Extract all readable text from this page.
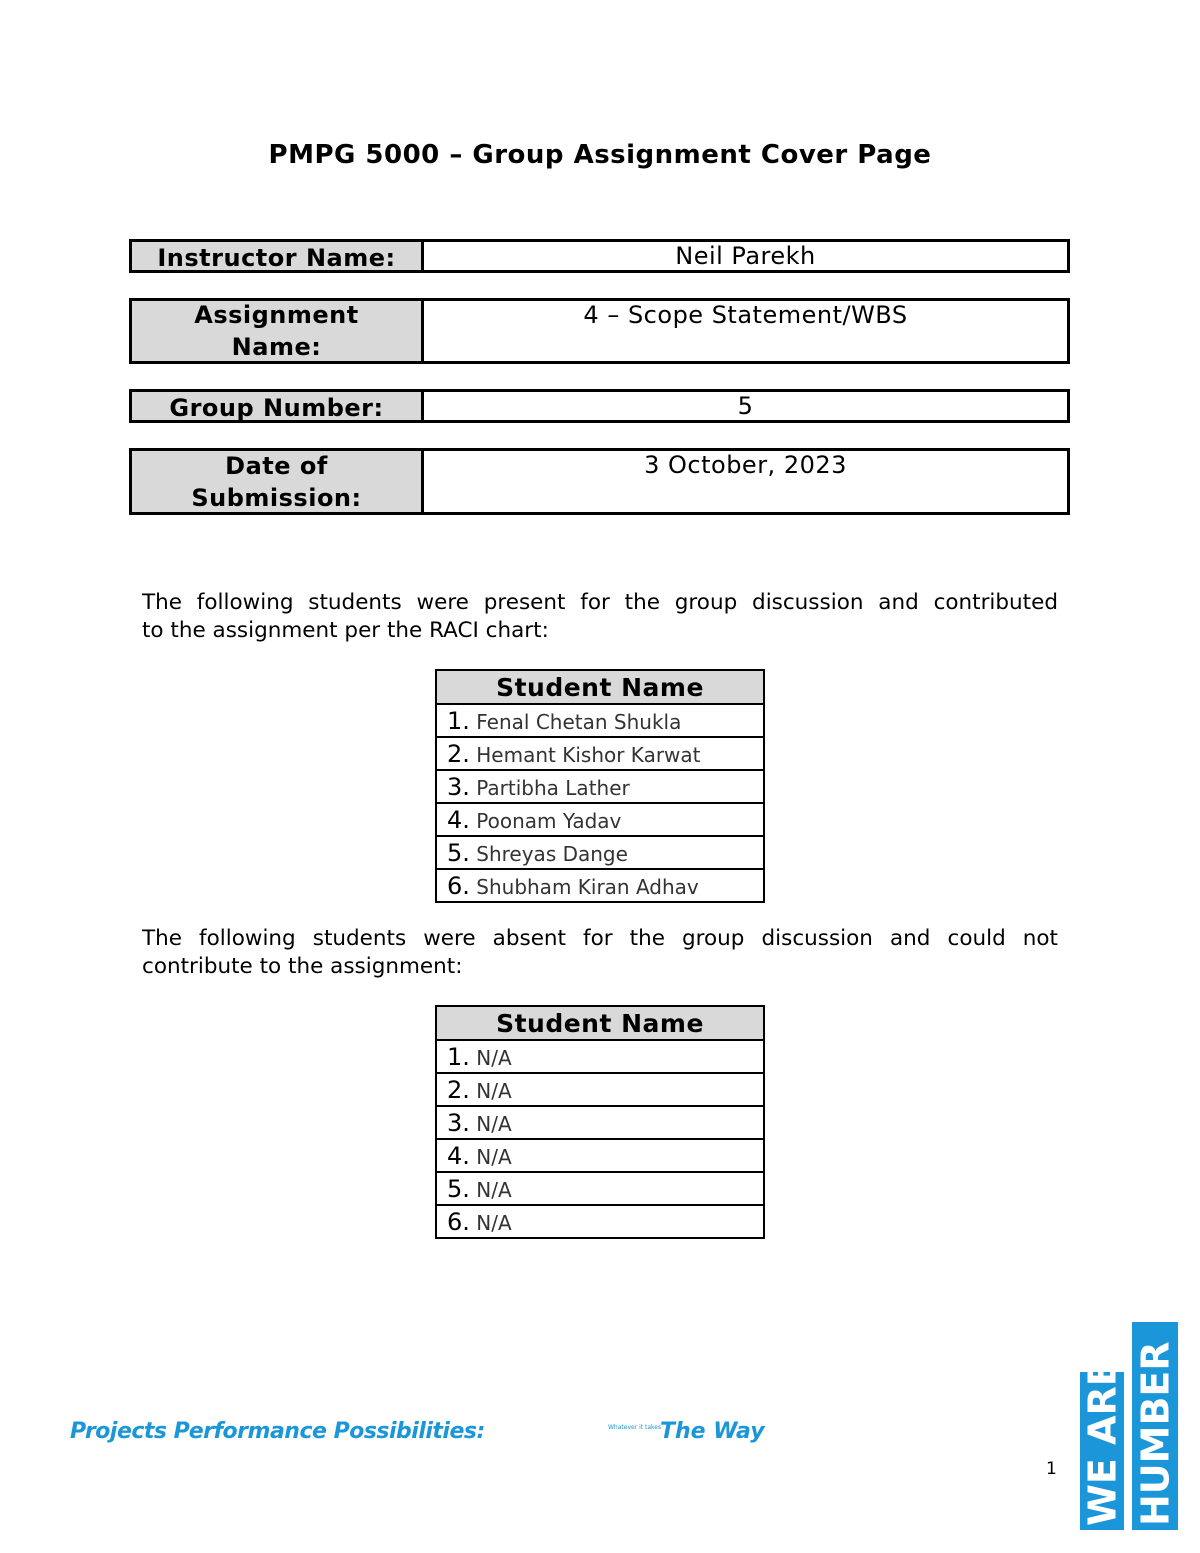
PMPG 5000 – Group Assignment Cover Page
Instructor Name:	Neil Parekh
Assignment
Name:
4 – Scope Statement/WBS
Group Number:	5
Date of
Submission:
3 October, 2023
The following students were present for the group discussion and contributed
to the assignment per the RACI chart:
Student Name
1. Fenal Chetan Shukla
2. Hemant Kishor Karwat
3. Partibha Lather
4. Poonam Yadav
5. Shreyas Dange
6. Shubham Kiran Adhav
The following students were absent for the group discussion and could not
contribute to the assignment:
Student Name
1. N/A
2. N/A
3. N/A
4. N/A
5. N/A
6. N/A
Projects Performance Possibilities:	Whatever it takes
The Way
1 WE ARE HUMBER
